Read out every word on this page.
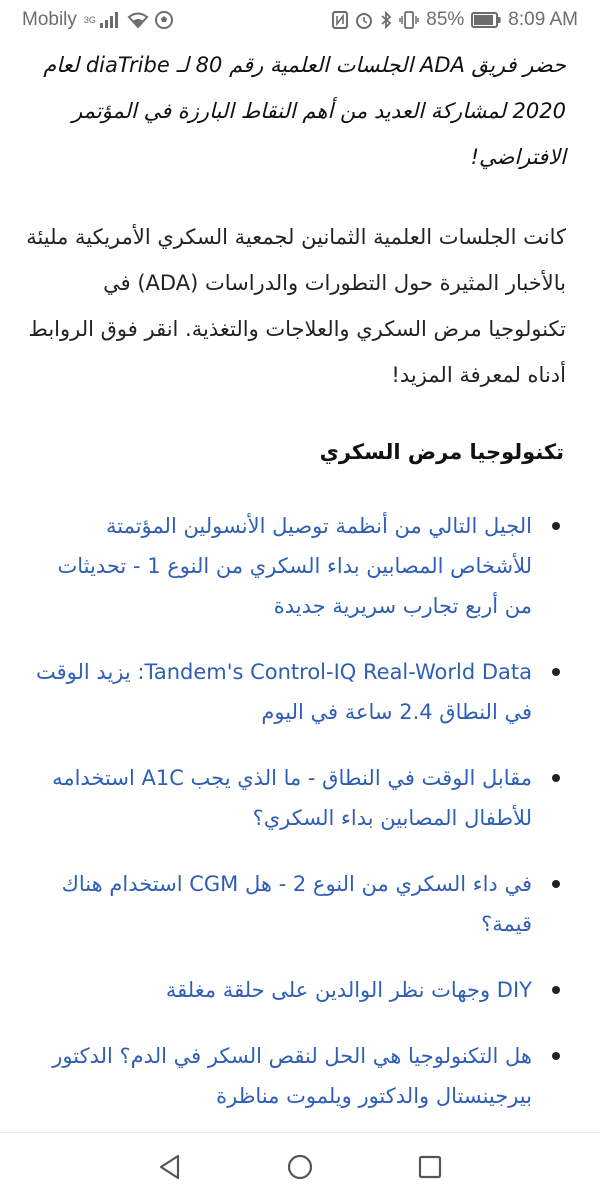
Mobily 3G	85% 8:09 AM

حضر فريق ADA الجلسات العلمية رقم 80 لـ diaTribe لعام 2020 لمشاركة العديد من أهم النقاط البارزة في المؤتمر الافتراضي!

كانت الجلسات العلمية الثمانين لجمعية السكري الأمريكية مليئة بالأخبار المثيرة حول التطورات والدراسات (ADA) في تكنولوجيا مرض السكري والعلاجات والتغذية. انقر فوق الروابط أدناه لمعرفة المزيد!

تكنولوجيا مرض السكري
الجيل التالي من أنظمة توصيل الأنسولين المؤتمتة للأشخاص المصابين بداء السكري من النوع 1 - تحديثات من أربع تجارب سريرية جديدة
Tandem's Control-IQ Real-World Data: يزيد الوقت في النطاق 2.4 ساعة في اليوم
مقابل الوقت في النطاق - ما الذي يجب A1C استخدامه للأطفال المصابين بداء السكري؟
في داء السكري من النوع 2 - هل CGM استخدام هناك قيمة؟
DIY وجهات نظر الوالدين على حلقة مغلقة
هل التكنولوجيا هي الحل لنقص السكر في الدم؟ الدكتور بيرجينستال والدكتور ويلموت مناظرة
